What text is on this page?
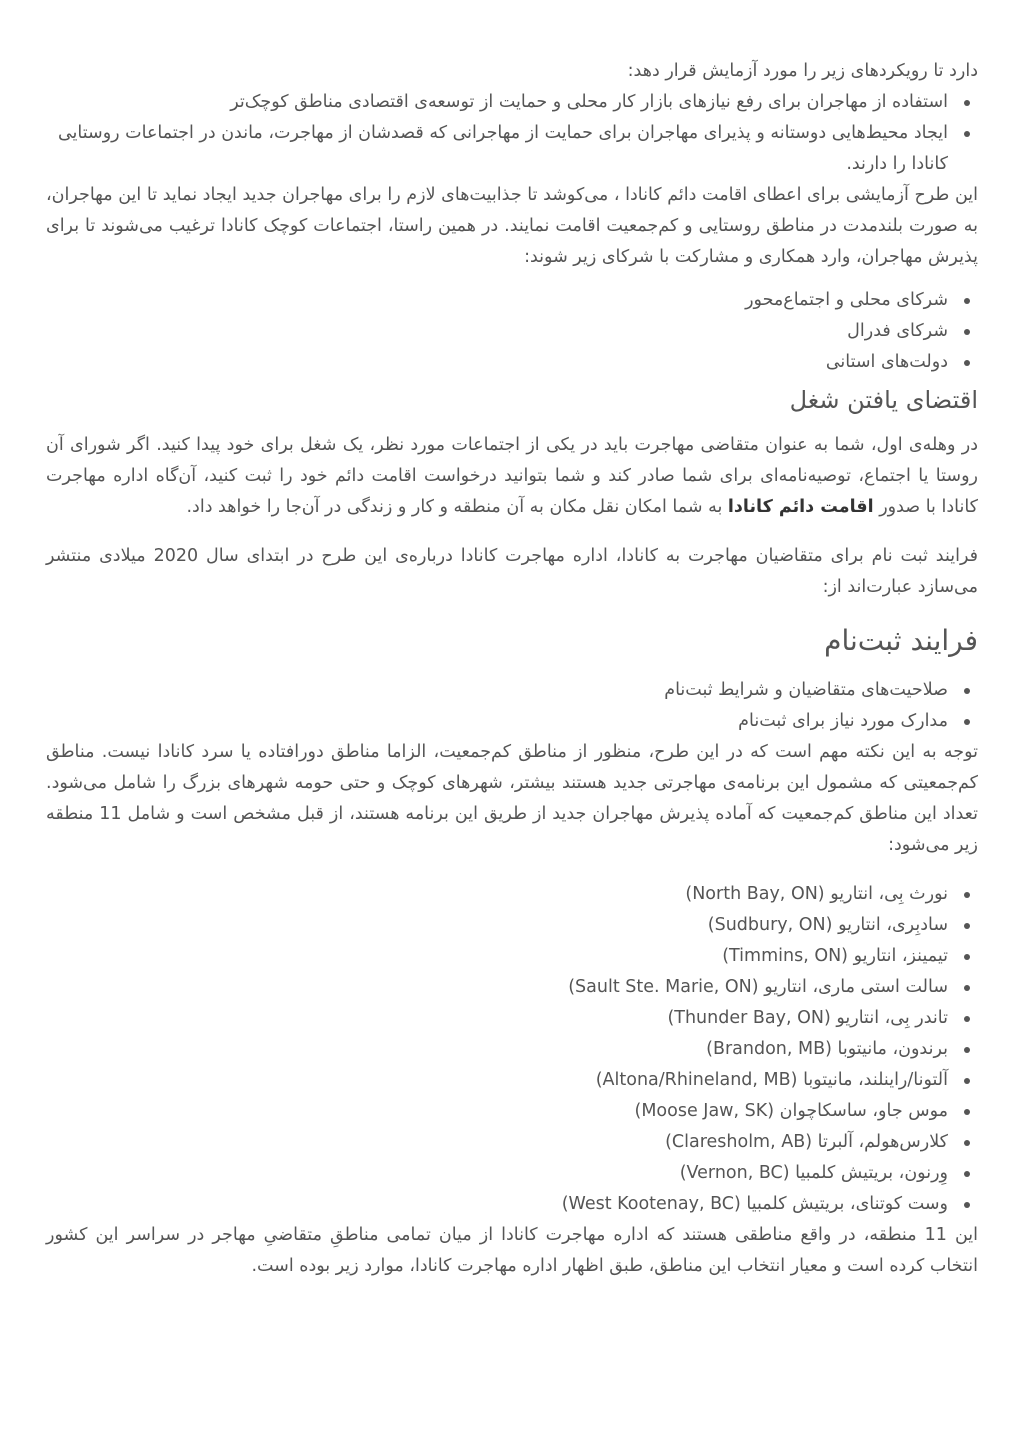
دارد تا رویکردهای زیر را مورد آزمایش قرار دهد:

استفاده از مهاجران برای رفع نیازهای بازار کار محلی و حمایت از توسعه‌ی اقتصادی مناطق کوچک‌تر
ایجاد محیط‌هایی دوستانه و پذیرای مهاجران برای حمایت از مهاجرانی که قصدشان از مهاجرت، ماندن در اجتماعات روستایی کانادا را دارند.

این طرح آزمایشی برای اعطای اقامت دائم کانادا ، می‌کوشد تا جذابیت‌های لازم را برای مهاجران جدید ایجاد نماید تا این مهاجران، به صورت بلندمدت در مناطق روستایی و کم‌جمعیت اقامت نمایند. در همین راستا، اجتماعات کوچک کانادا ترغیب می‌شوند تا برای پذیرش مهاجران، وارد همکاری و مشارکت با شرکای زیر شوند:

شرکای محلی و اجتماع‌محور
شرکای فدرال
دولت‌های استانی
اقتضای یافتن شغل

در وهله‌ی اول، شما به عنوان متقاضی مهاجرت باید در یکی از اجتماعات مورد نظر، یک شغل برای خود پیدا کنید. اگر شورای آن روستا یا اجتماع، توصیه‌نامه‌ای برای شما صادر کند و شما بتوانید درخواست اقامت دائم خود را ثبت کنید، آن‌گاه اداره مهاجرت کانادا با صدور اقامت دائم کانادا به شما امکان نقل مکان به آن منطقه و کار و زندگی در آن‌جا را خواهد داد.

فرایند ثبت نام برای متقاضیان مهاجرت به کانادا، اداره مهاجرت کانادا درباره‌ی این طرح در ابتدای سال 2020 میلادی منتشر می‌سازد عبارت‌اند از:

فرایند ثبت‌نام
صلاحیت‌های متقاضیان و شرایط ثبت‌نام
مدارک مورد نیاز برای ثبت‌نام

توجه به این نکته مهم است که در این طرح، منظور از مناطق کم‌جمعیت، الزاما مناطق دورافتاده یا سرد کانادا نیست. مناطق کم‌جمعیتی که مشمول این برنامه‌ی مهاجرتی جدید هستند بیشتر، شهرهای کوچک و حتی حومه شهرهای بزرگ را شامل می‌شود. تعداد این مناطق کم‌جمعیت که آماده پذیرش مهاجران جدید از طریق این برنامه هستند، از قبل مشخص است و شامل 11 منطقه زیر می‌شود:

نورث بِی، انتاریو (North Bay, ON)
سادبِری، انتاریو (Sudbury, ON)
تیمینز، انتاریو (Timmins, ON)
سالت استی ماری، انتاریو (Sault Ste. Marie, ON)
تاندر بِی، انتاریو (Thunder Bay, ON)
برندون، مانیتوبا (Brandon, MB)
آلتونا/راینلند، مانیتوبا (Altona/Rhineland, MB)
موس جاو، ساسکاچوان (Moose Jaw, SK)
کلارس‌هولم، آلبرتا (Claresholm, AB)
وِرنون، بریتیش کلمبیا (Vernon, BC)
وست کوتنای، بریتیش کلمبیا (West Kootenay, BC)

این 11 منطقه، در واقع مناطقی هستند که اداره مهاجرت کانادا از میان تمامی مناطقِ متقاضیِ مهاجر در سراسر این کشور انتخاب کرده است و معیار انتخاب این مناطق، طبق اظهار اداره مهاجرت کانادا، موارد زیر بوده است.
